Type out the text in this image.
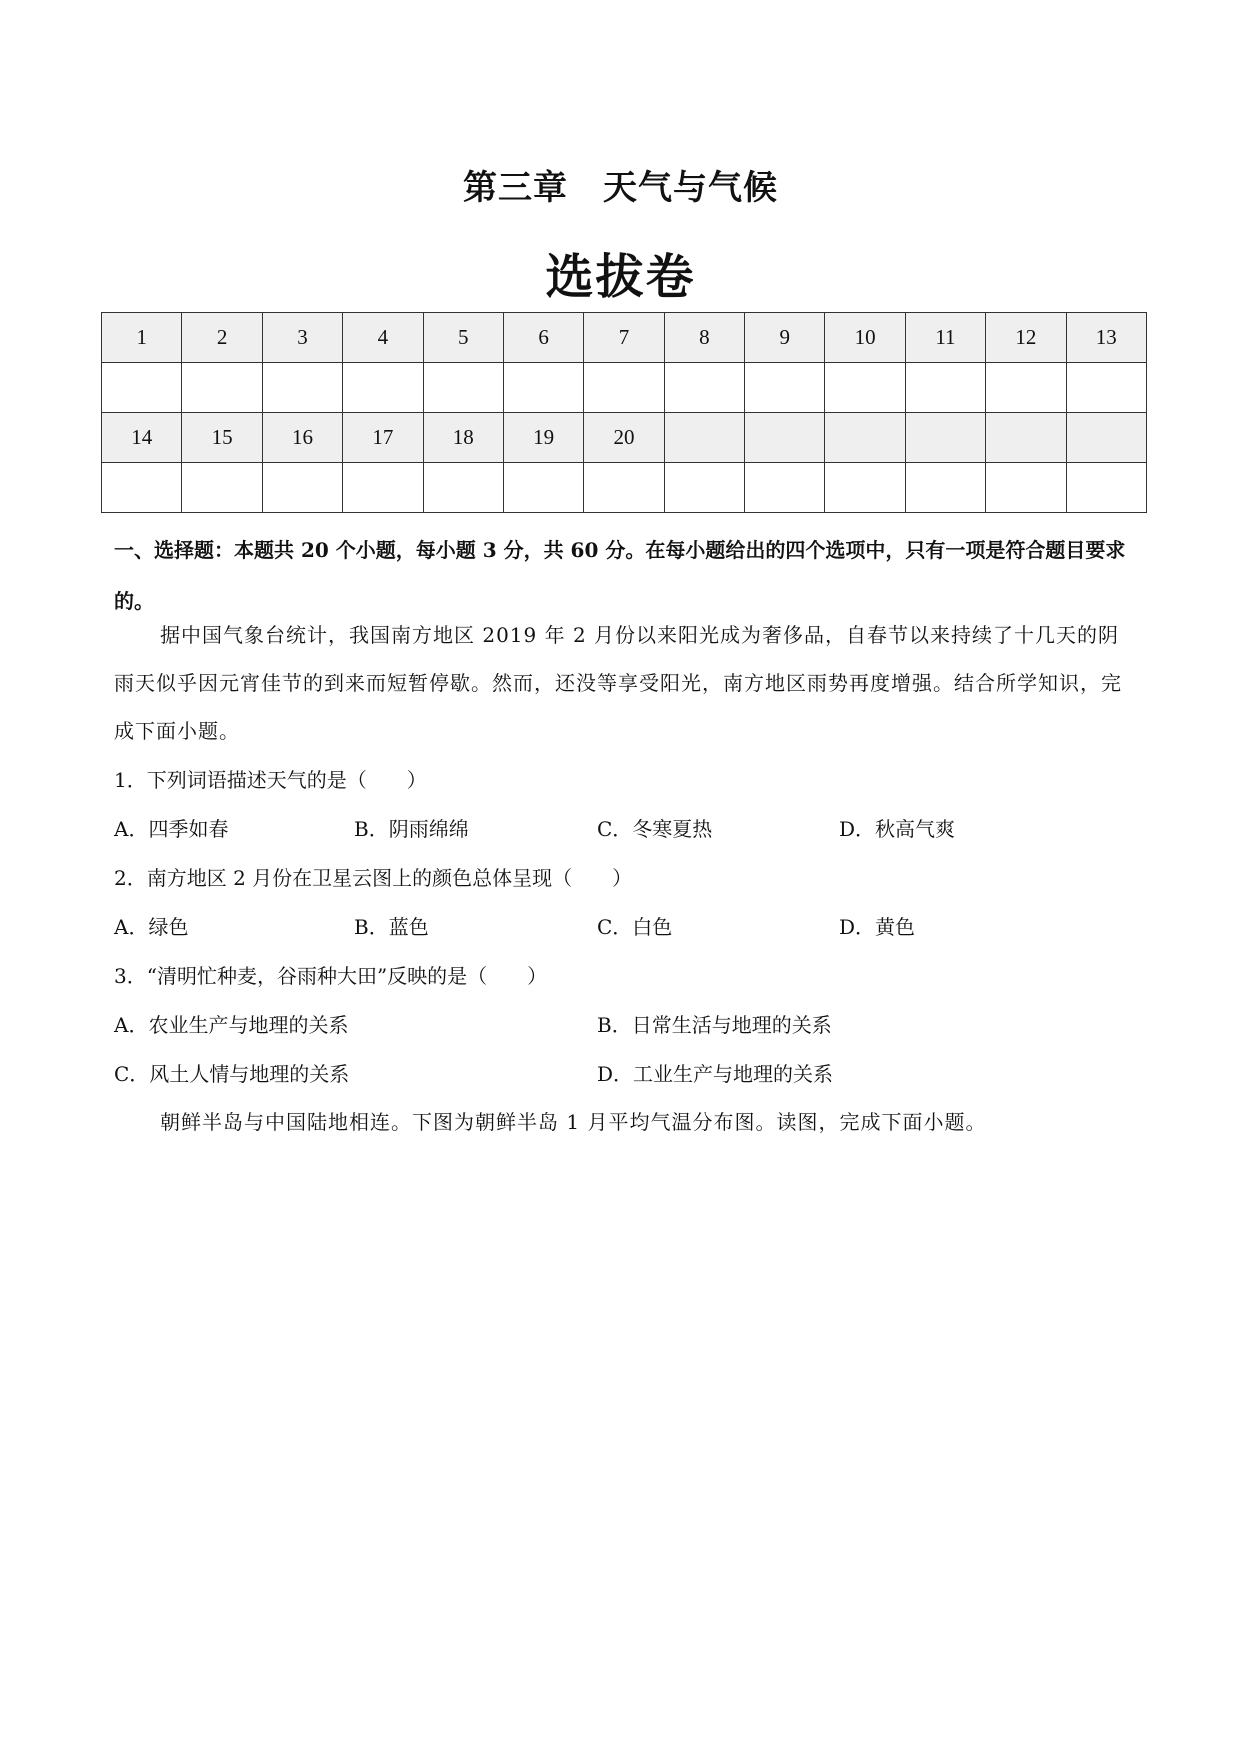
第三章　天气与气候
选拔卷
1	2	3	4	5	6	7	8	9	10	11	12	13

14	15	16	17	18	19	20						

一、选择题：本题共 20 个小题，每小题 3 分，共 60 分。在每小题给出的四个选项中，只有一项是符合题目要求的。
据中国气象台统计，我国南方地区 2019 年 2 月份以来阳光成为奢侈品，自春节以来持续了十几天的阴雨天似乎因元宵佳节的到来而短暂停歇。然而，还没等享受阳光，南方地区雨势再度增强。结合所学知识，完成下面小题。
1．下列词语描述天气的是（　　）
A．四季如春	B．阴雨绵绵	C．冬寒夏热	D．秋高气爽
2．南方地区 2 月份在卫星云图上的颜色总体呈现（　　）
A．绿色	B．蓝色	C．白色	D．黄色
3．“清明忙种麦，谷雨种大田”反映的是（　　）
A．农业生产与地理的关系	B．日常生活与地理的关系
C．风土人情与地理的关系	D．工业生产与地理的关系
朝鲜半岛与中国陆地相连。下图为朝鲜半岛 1 月平均气温分布图。读图，完成下面小题。
